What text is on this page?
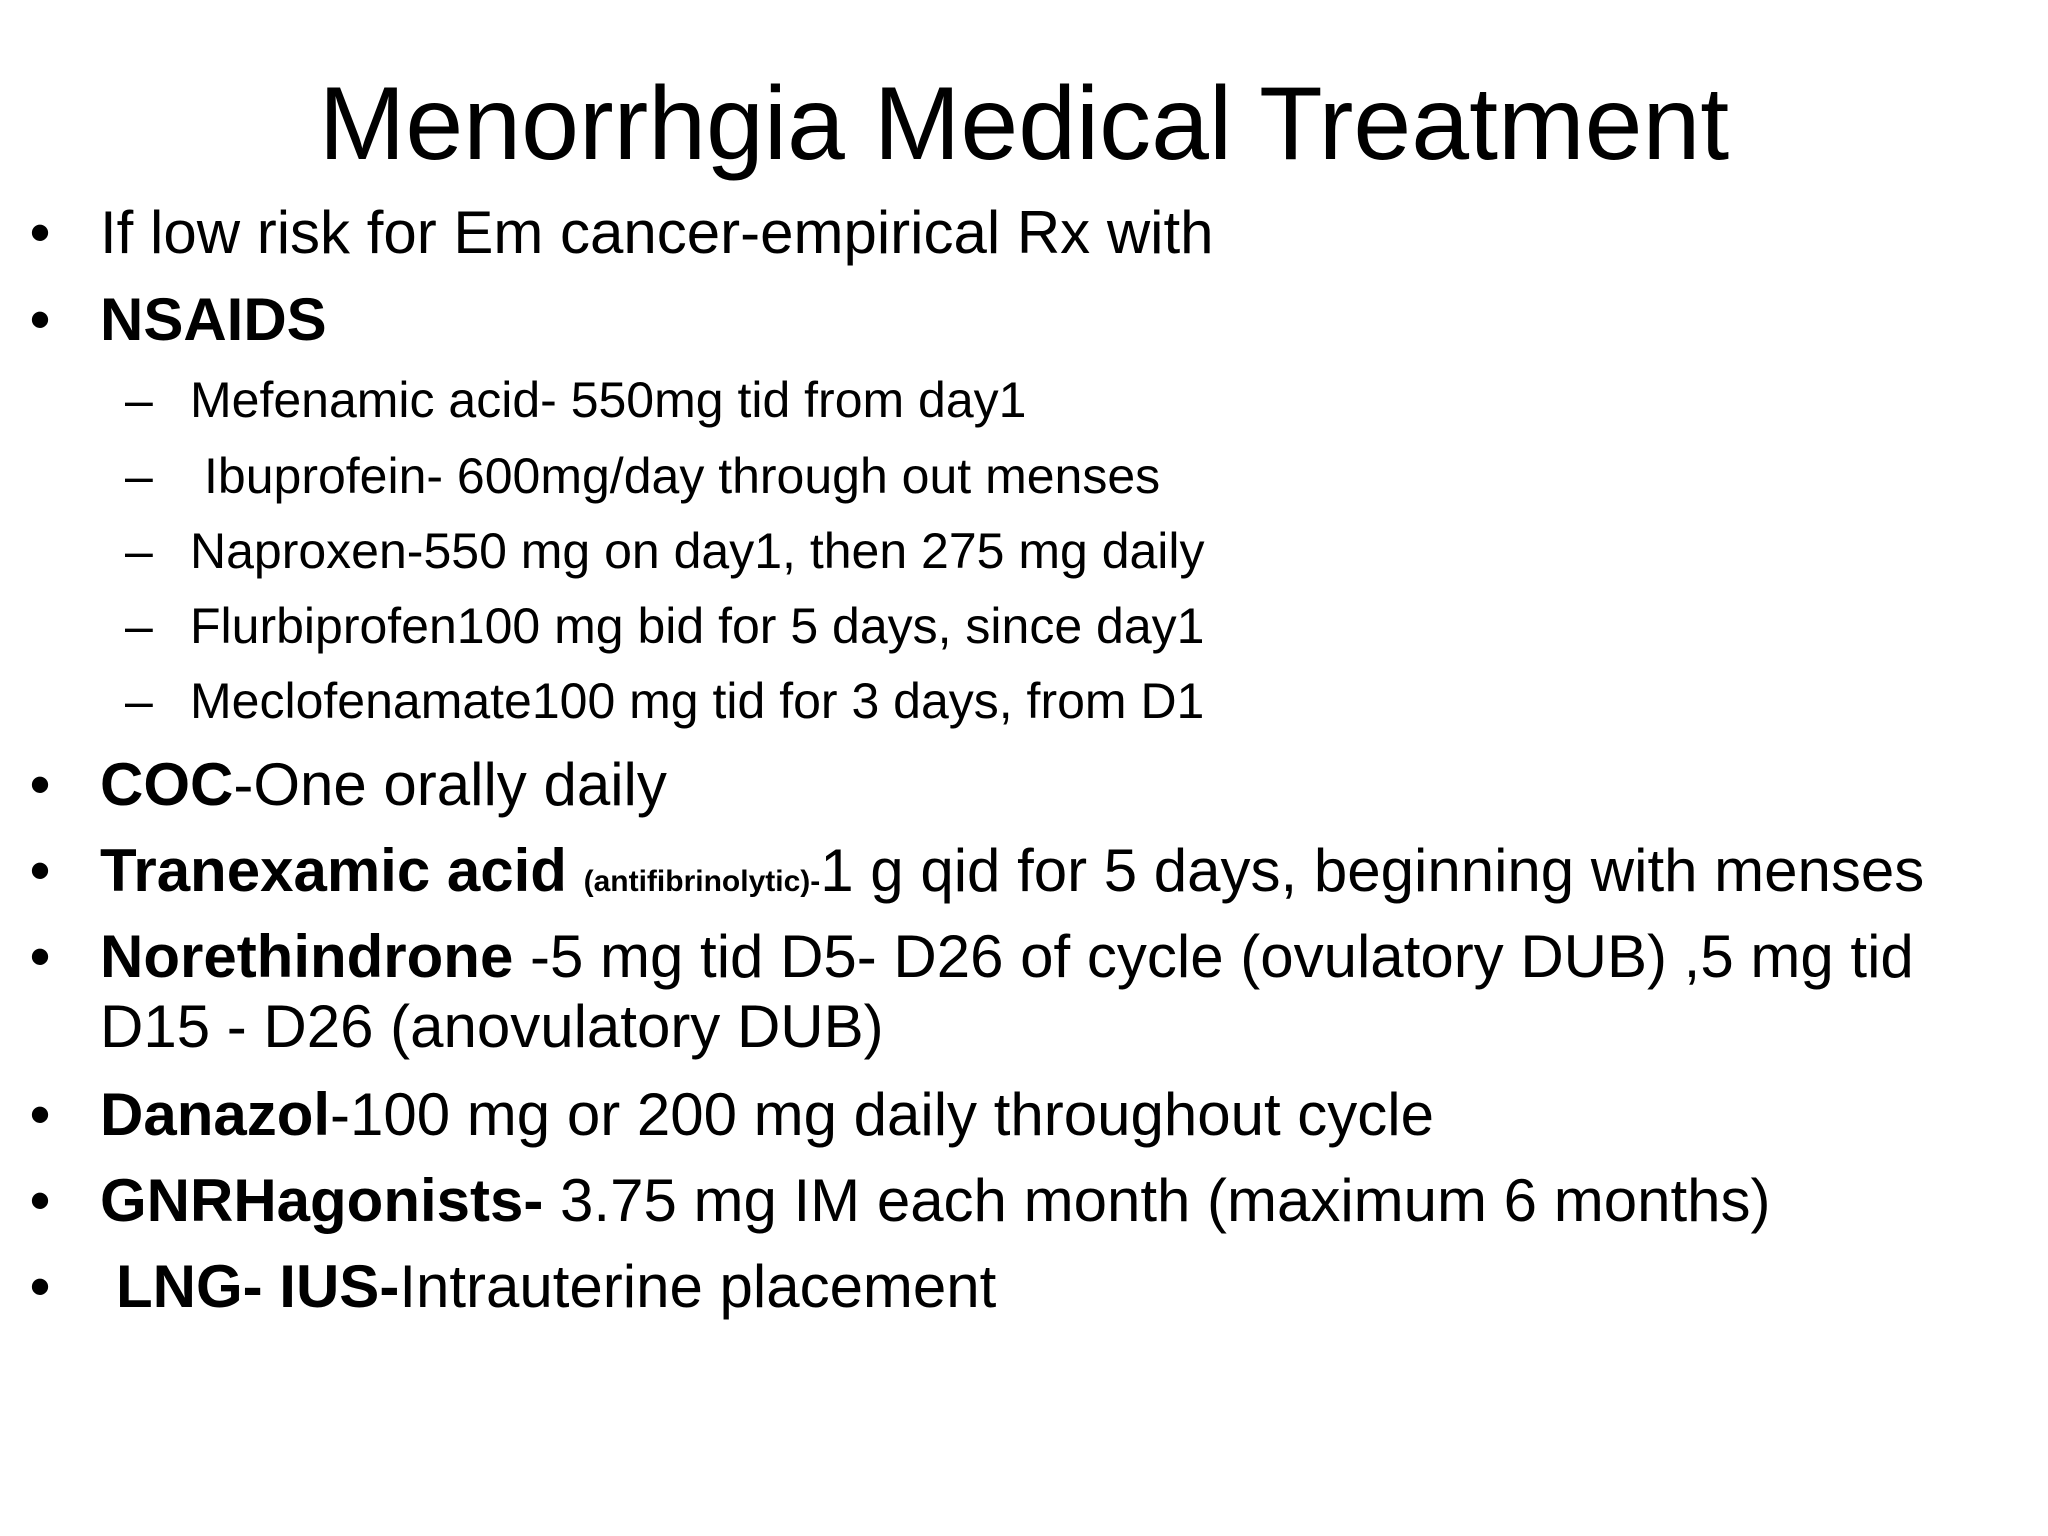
Menorrhgia Medical Treatment
• If low risk for Em cancer-empirical Rx with
• NSAIDS
– Mefenamic acid- 550mg tid from day1
– Ibuprofein- 600mg/day through out menses
– Naproxen-550 mg on day1, then 275 mg daily
– Flurbiprofen100 mg bid for 5 days, since day1
– Meclofenamate100 mg tid for 3 days, from D1
• COC-One orally daily
• Tranexamic acid (antifibrinolytic)-1 g qid for 5 days, beginning with menses
• Norethindrone -5 mg tid D5- D26 of cycle (ovulatory DUB) ,5 mg tid D15 - D26 (anovulatory DUB)
• Danazol-100 mg or 200 mg daily throughout cycle
• GNRHagonists- 3.75 mg IM each month (maximum 6 months)
• LNG- IUS-Intrauterine placement
